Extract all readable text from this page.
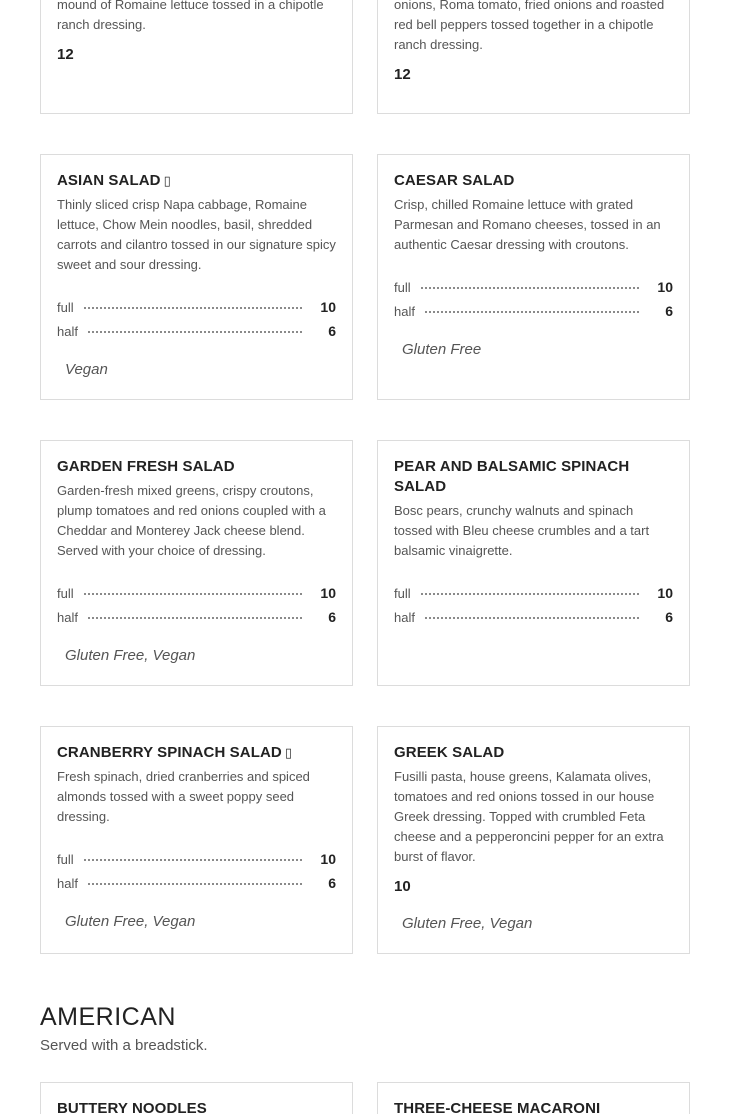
mound of Romaine lettuce tossed in a chipotle ranch dressing.
12
onions, Roma tomato, fried onions and roasted red bell peppers tossed together in a chipotle ranch dressing.
12
ASIAN SALAD ▯
Thinly sliced crisp Napa cabbage, Romaine lettuce, Chow Mein noodles, basil, shredded carrots and cilantro tossed in our signature spicy sweet and sour dressing.
full	10
half	6
Vegan
CAESAR SALAD
Crisp, chilled Romaine lettuce with grated Parmesan and Romano cheeses, tossed in an authentic Caesar dressing with croutons.
full	10
half	6
Gluten Free
GARDEN FRESH SALAD
Garden-fresh mixed greens, crispy croutons, plump tomatoes and red onions coupled with a Cheddar and Monterey Jack cheese blend. Served with your choice of dressing.
full	10
half	6
Gluten Free, Vegan
PEAR AND BALSAMIC SPINACH SALAD
Bosc pears, crunchy walnuts and spinach tossed with Bleu cheese crumbles and a tart balsamic vinaigrette.
full	10
half	6
CRANBERRY SPINACH SALAD ▯
Fresh spinach, dried cranberries and spiced almonds tossed with a sweet poppy seed dressing.
full	10
half	6
Gluten Free, Vegan
GREEK SALAD
Fusilli pasta, house greens, Kalamata olives, tomatoes and red onions tossed in our house Greek dressing. Topped with crumbled Feta cheese and a pepperoncini pepper for an extra burst of flavor.
10
Gluten Free, Vegan
AMERICAN
Served with a breadstick.
BUTTERY NOODLES	THREE-CHEESE MACARONI
